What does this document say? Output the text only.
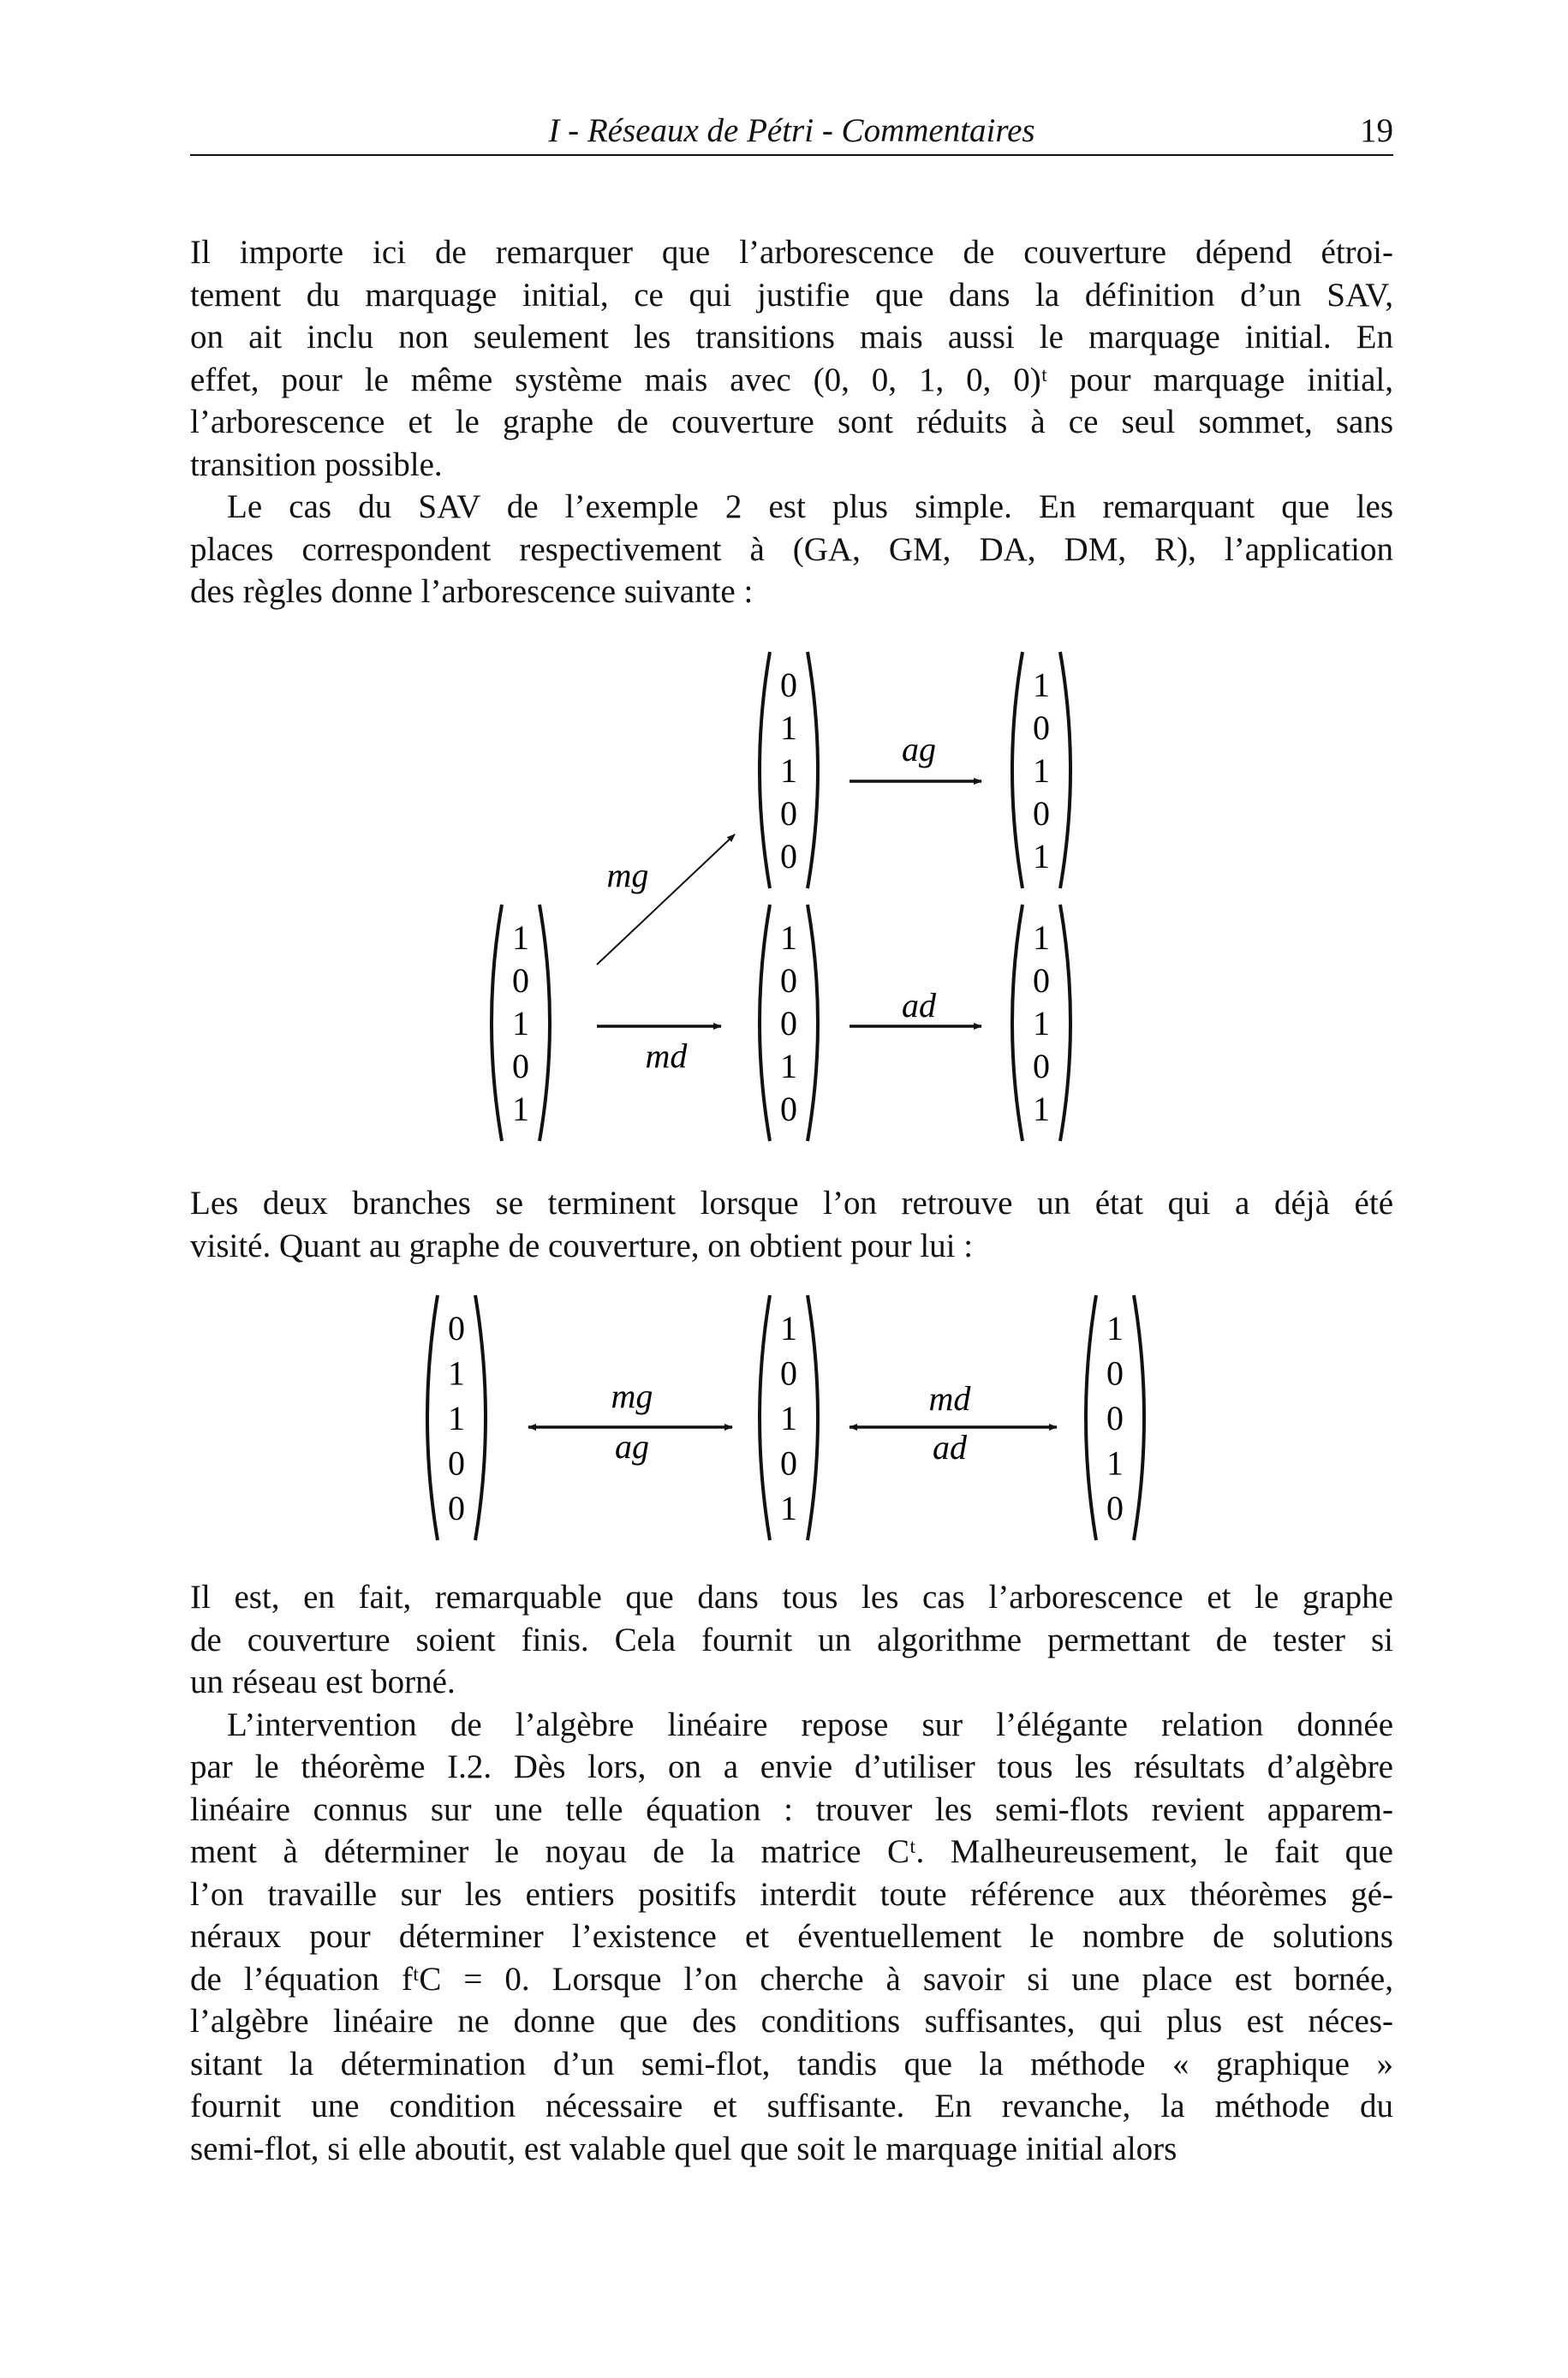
I - Réseaux de Pétri - Commentaires	19
Il importe ici de remarquer que l’arborescence de couverture dépend étroi-
tement du marquage initial, ce qui justifie que dans la définition d’un SAV,
on ait inclu non seulement les transitions mais aussi le marquage initial. En
effet, pour le même système mais avec (0, 0, 1, 0, 0)ᵗ pour marquage initial,
l’arborescence et le graphe de couverture sont réduits à ce seul sommet, sans
transition possible.
Le cas du SAV de l’exemple 2 est plus simple. En remarquant que les
places correspondent respectivement à (GA, GM, DA, DM, R), l’application
des règles donne l’arborescence suivante :
Les deux branches se terminent lorsque l’on retrouve un état qui a déjà été
visité. Quant au graphe de couverture, on obtient pour lui :
Il est, en fait, remarquable que dans tous les cas l’arborescence et le graphe
de couverture soient finis. Cela fournit un algorithme permettant de tester si
un réseau est borné.
L’intervention de l’algèbre linéaire repose sur l’élégante relation donnée
par le théorème I.2. Dès lors, on a envie d’utiliser tous les résultats d’algèbre
linéaire connus sur une telle équation : trouver les semi-flots revient apparem-
ment à déterminer le noyau de la matrice Cᵗ. Malheureusement, le fait que
l’on travaille sur les entiers positifs interdit toute référence aux théorèmes gé-
néraux pour déterminer l’existence et éventuellement le nombre de solutions
de l’équation fᵗC = 0. Lorsque l’on cherche à savoir si une place est bornée,
l’algèbre linéaire ne donne que des conditions suffisantes, qui plus est néces-
sitant la détermination d’un semi-flot, tandis que la méthode « graphique »
fournit une condition nécessaire et suffisante. En revanche, la méthode du
semi-flot, si elle aboutit, est valable quel que soit le marquage initial alors
1
0
1
0
1
0
1
1
0
0
1
0
1
0
1
1
0
0
1
0
1
0
1
0
1
mg
md
ag
ad
0
1
1
0
0
1
0
1
0
1
1
0
0
1
0
mg
ag
md
ad
